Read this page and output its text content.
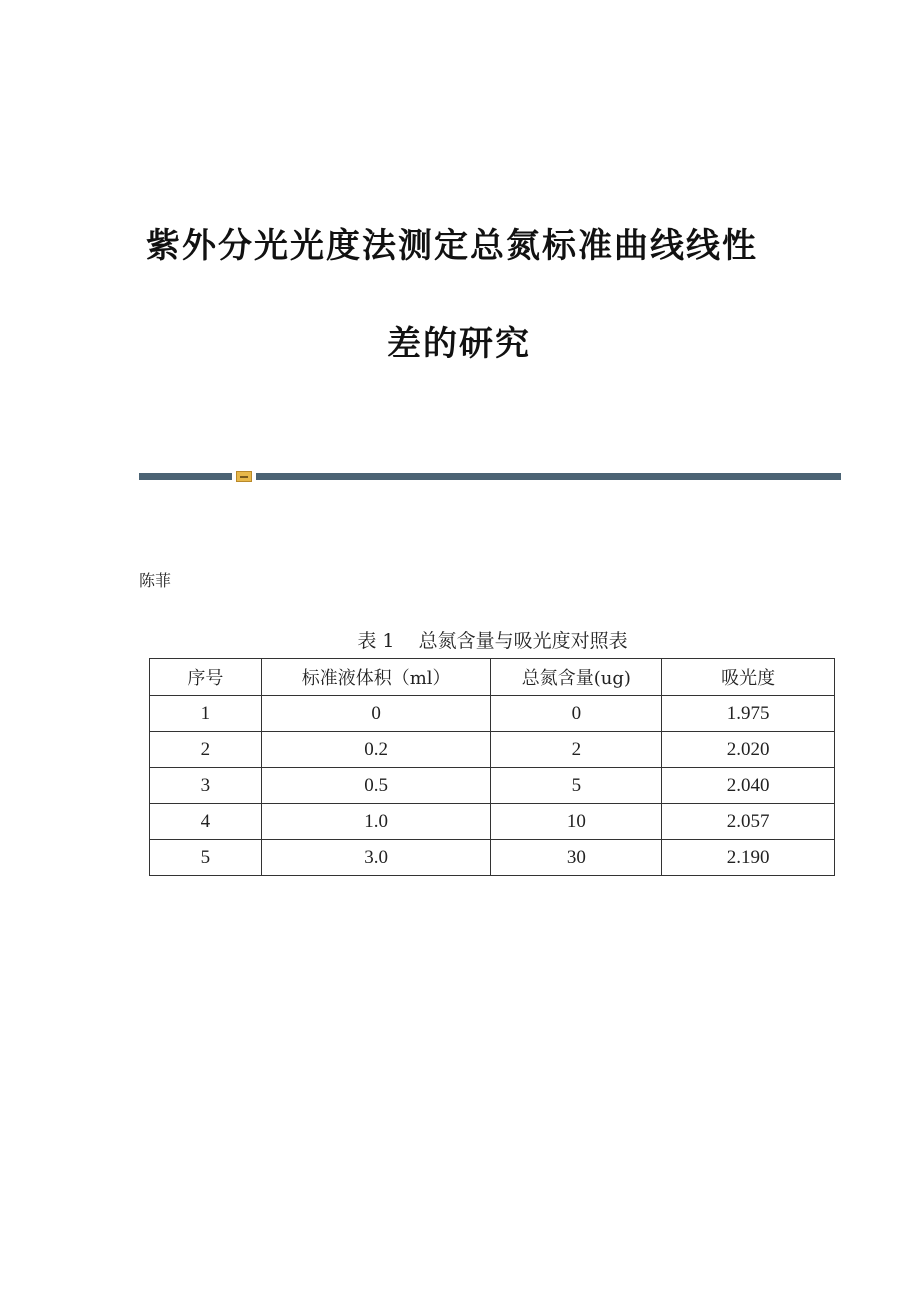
紫外分光光度法测定总氮标准曲线线性
差的研究
陈菲
表 1    总氮含量与吸光度对照表
序号	标准液体积（ml）	总氮含量(ug)	吸光度
1	0	0	1.975
2	0.2	2	2.020
3	0.5	5	2.040
4	1.0	10	2.057
5	3.0	30	2.190
